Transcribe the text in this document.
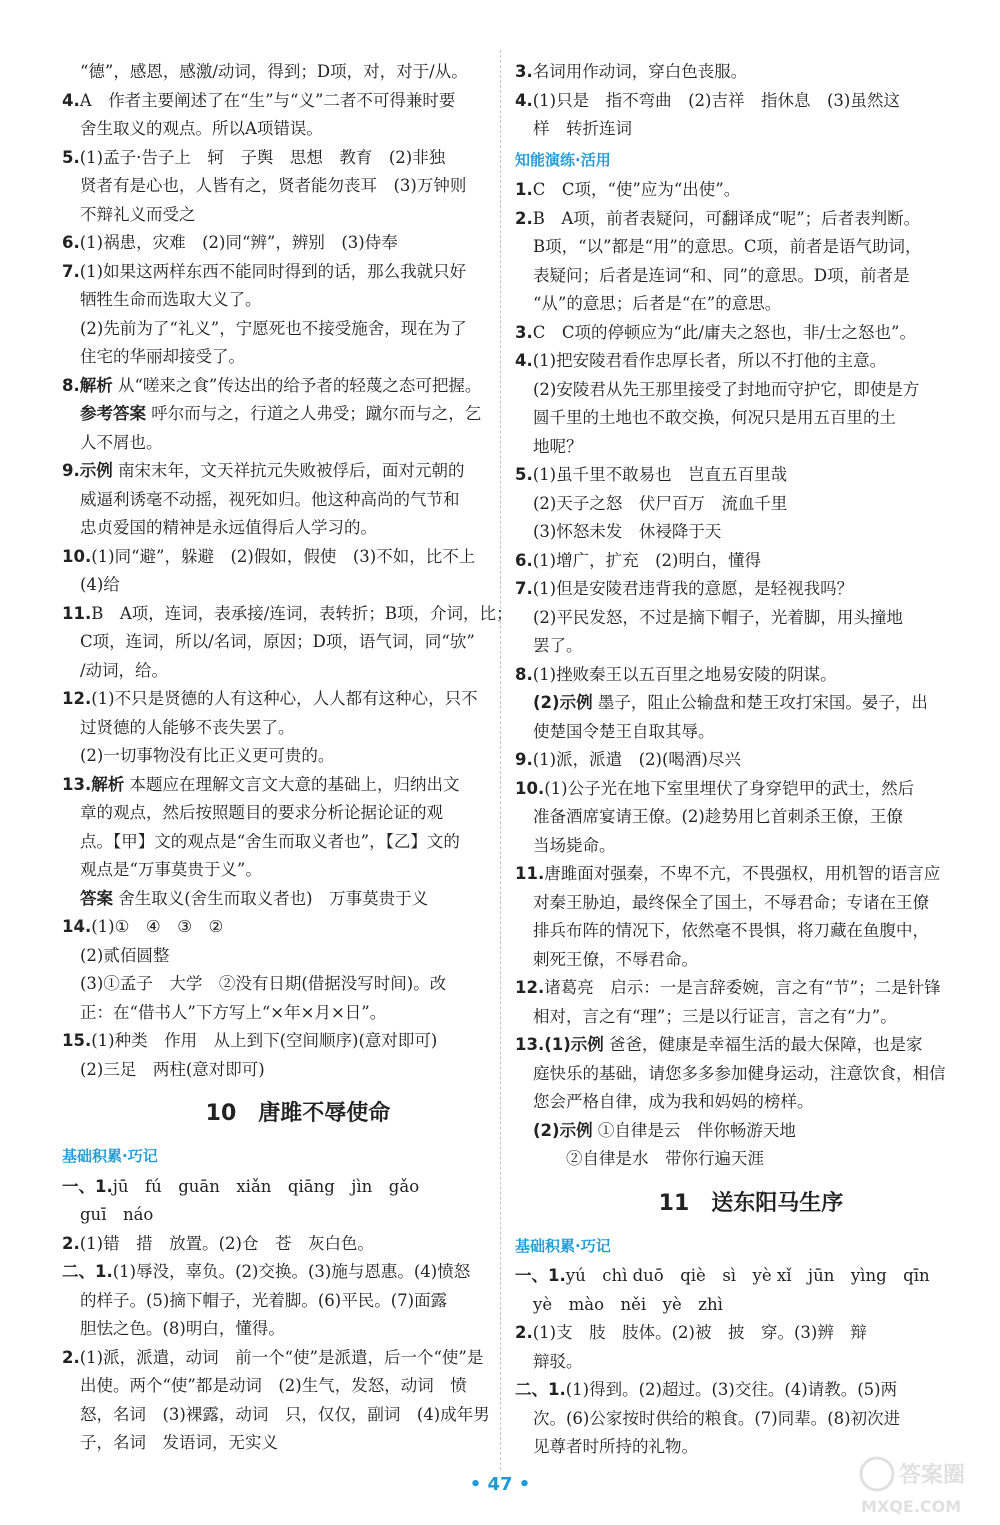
“德”，感恩，感激/动词，得到；D项，对，对于/从。

4.A　作者主要阐述了在“生”与“义”二者不可得兼时要

舍生取义的观点。所以A项错误。

5.(1)孟子·告子上　轲　子舆　思想　教育　(2)非独

贤者有是心也，人皆有之，贤者能勿丧耳　(3)万钟则

不辩礼义而受之

6.(1)祸患，灾难　(2)同“辨”，辨别　(3)侍奉

7.(1)如果这两样东西不能同时得到的话，那么我就只好

牺牲生命而选取大义了。

(2)先前为了“礼义”，宁愿死也不接受施舍，现在为了

住宅的华丽却接受了。

8.解析 从“嗟来之食”传达出的给予者的轻蔑之态可把握。

参考答案 呼尔而与之，行道之人弗受；蹴尔而与之，乞

人不屑也。

9.示例 南宋末年，文天祥抗元失败被俘后，面对元朝的

威逼利诱毫不动摇，视死如归。他这种高尚的气节和

忠贞爱国的精神是永远值得后人学习的。

10.(1)同“避”，躲避　(2)假如，假使　(3)不如，比不上

(4)给

11.B　A项，连词，表承接/连词，表转折；B项，介词，比；

C项，连词，所以/名词，原因；D项，语气词，同“欤”

/动词，给。

12.(1)不只是贤德的人有这种心，人人都有这种心，只不

过贤德的人能够不丧失罢了。

(2)一切事物没有比正义更可贵的。

13.解析 本题应在理解文言文大意的基础上，归纳出文

章的观点，然后按照题目的要求分析论据论证的观

点。【甲】文的观点是“舍生而取义者也”，【乙】文的

观点是“万事莫贵于义”。

答案 舍生取义(舍生而取义者也)　万事莫贵于义

14.(1)①　④　③　②

(2)贰佰圆整

(3)①孟子　大学　②没有日期(借据没写时间)。改

正：在“借书人”下方写上“×年×月×日”。

15.(1)种类　作用　从上到下(空间顺序)(意对即可)

(2)三足　两柱(意对即可)

10 唐雎不辱使命
基础积累·巧记

一、1.jū　fú　guān　xiǎn　qiāng　jìn　gǎo

guī　náo

2.(1)错　措　放置。(2)仓　苍　灰白色。

二、1.(1)辱没，辜负。(2)交换。(3)施与恩惠。(4)愤怒

的样子。(5)摘下帽子，光着脚。(6)平民。(7)面露

胆怯之色。(8)明白，懂得。

2.(1)派，派遣，动词　前一个“使”是派遣，后一个“使”是

出使。两个“使”都是动词　(2)生气，发怒，动词　愤

怒，名词　(3)裸露，动词　只，仅仅，副词　(4)成年男

子，名词　发语词，无实义

3.名词用作动词，穿白色丧服。

4.(1)只是　指不弯曲　(2)吉祥　指休息　(3)虽然这

样　转折连词

知能演练·活用

1.C　C项，“使”应为“出使”。

2.B　A项，前者表疑问，可翻译成“呢”；后者表判断。

B项，“以”都是“用”的意思。C项，前者是语气助词，

表疑问；后者是连词“和、同”的意思。D项，前者是

“从”的意思；后者是“在”的意思。

3.C　C项的停顿应为“此/庸夫之怒也，非/士之怒也”。

4.(1)把安陵君看作忠厚长者，所以不打他的主意。

(2)安陵君从先王那里接受了封地而守护它，即使是方

圆千里的土地也不敢交换，何况只是用五百里的土

地呢？

5.(1)虽千里不敢易也　岂直五百里哉

(2)天子之怒　伏尸百万　流血千里

(3)怀怒未发　休祲降于天

6.(1)增广，扩充　(2)明白，懂得

7.(1)但是安陵君违背我的意愿，是轻视我吗？

(2)平民发怒，不过是摘下帽子，光着脚，用头撞地

罢了。

8.(1)挫败秦王以五百里之地易安陵的阴谋。

(2)示例 墨子，阻止公输盘和楚王攻打宋国。晏子，出

使楚国令楚王自取其辱。

9.(1)派，派遣　(2)(喝酒)尽兴

10.(1)公子光在地下室里埋伏了身穿铠甲的武士，然后

准备酒席宴请王僚。(2)趁势用匕首刺杀王僚，王僚

当场毙命。

11.唐雎面对强秦，不卑不亢，不畏强权，用机智的语言应

对秦王胁迫，最终保全了国土，不辱君命；专诸在王僚

排兵布阵的情况下，依然毫不畏惧，将刀藏在鱼腹中，

刺死王僚，不辱君命。

12.诸葛亮　启示：一是言辞委婉，言之有“节”；二是针锋

相对，言之有“理”；三是以行证言，言之有“力”。

13.(1)示例 爸爸，健康是幸福生活的最大保障，也是家

庭快乐的基础，请您多多参加健身运动，注意饮食，相信

您会严格自律，成为我和妈妈的榜样。

(2)示例 ①自律是云　伴你畅游天地

　　②自律是水　带你行遍天涯

11 送东阳马生序
基础积累·巧记

一、1.yú　chì duō　qiè　sì　yè xǐ　jūn　yìng　qīn

yè　mào　něi　yè　zhì

2.(1)支　肢　肢体。(2)被　披　穿。(3)辨　辩

辩驳。

二、1.(1)得到。(2)超过。(3)交往。(4)请教。(5)两

次。(6)公家按时供给的粮食。(7)同辈。(8)初次进

见尊者时所持的礼物。

• 47 •	答案圈
MXQE.COM
